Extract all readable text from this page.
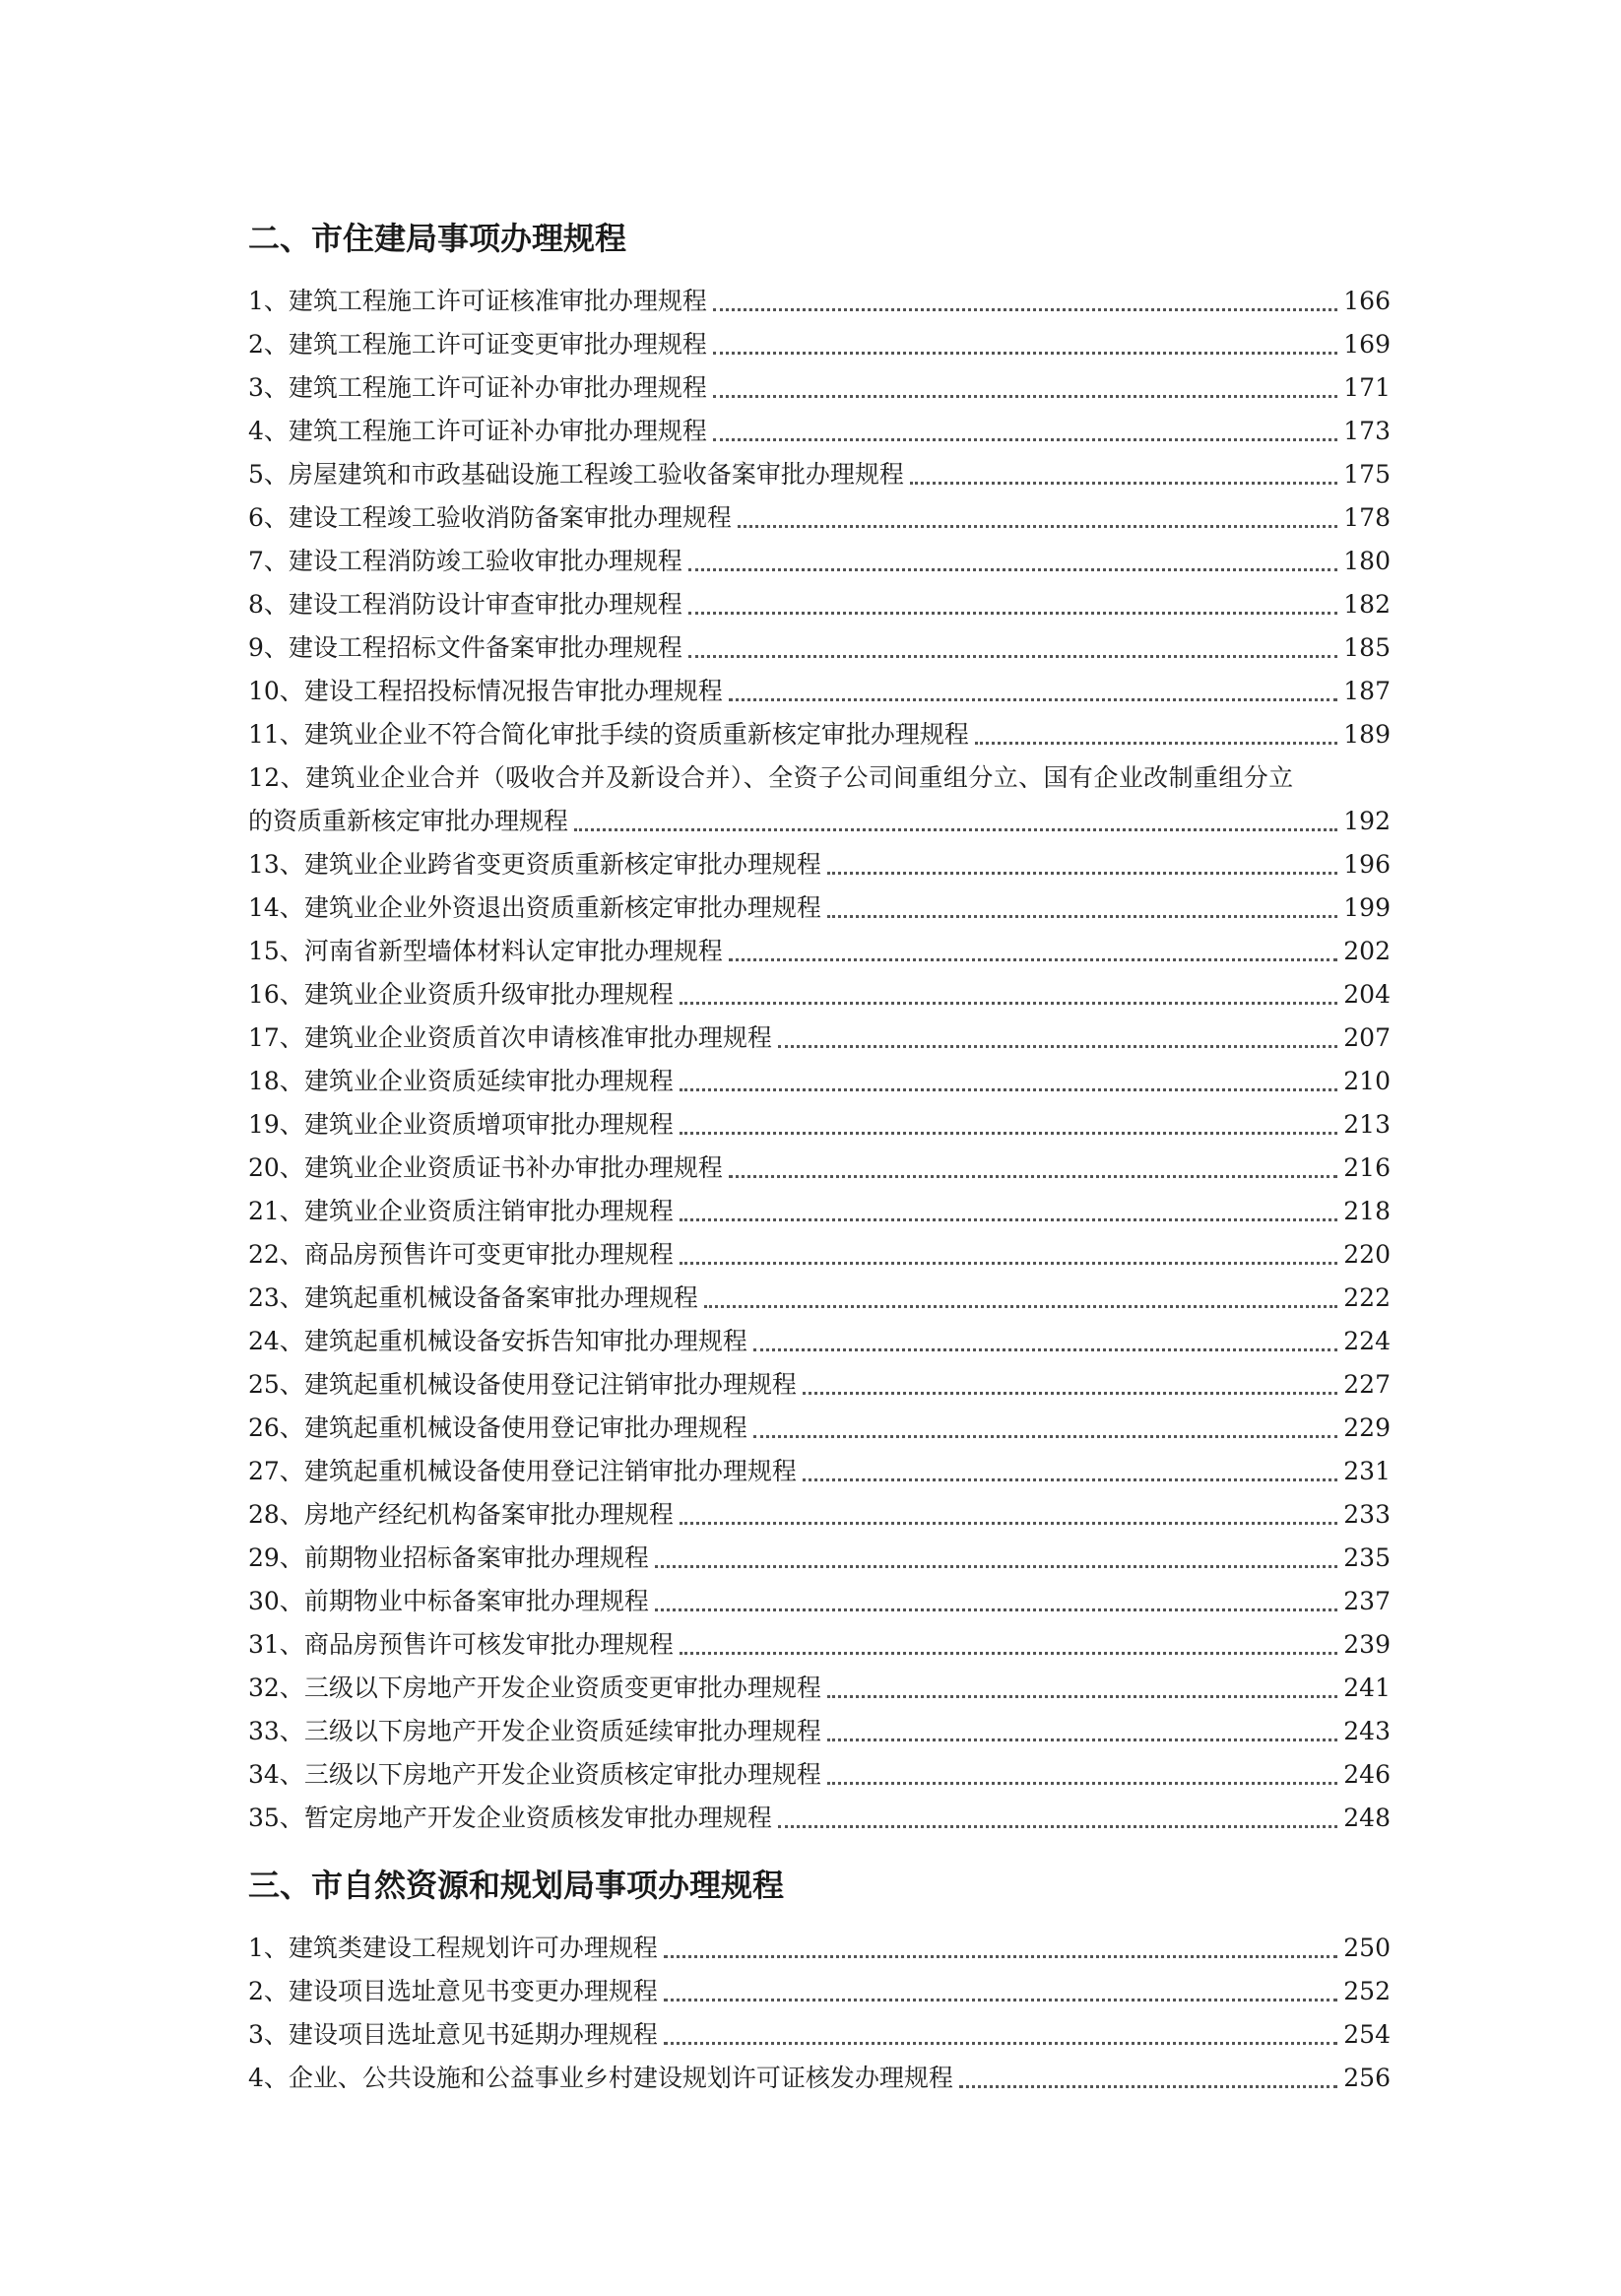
二、市住建局事项办理规程
1、 建筑工程施工许可证核准审批办理规程	166
2、 建筑工程施工许可证变更审批办理规程	169
3、 建筑工程施工许可证补办审批办理规程	171
4、 建筑工程施工许可证补办审批办理规程	173
5、 房屋建筑和市政基础设施工程竣工验收备案审批办理规程	175
6、 建设工程竣工验收消防备案审批办理规程	178
7、 建设工程消防竣工验收审批办理规程	180
8、 建设工程消防设计审查审批办理规程	182
9、 建设工程招标文件备案审批办理规程	185
10、 建设工程招投标情况报告审批办理规程	187
11、 建筑业企业不符合简化审批手续的资质重新核定审批办理规程	189
12、建筑业企业合并（吸收合并及新设合并）、全资子公司间重组分立、国有企业改制重组分立
的资质重新核定审批办理规程	192
13、 建筑业企业跨省变更资质重新核定审批办理规程	196
14、 建筑业企业外资退出资质重新核定审批办理规程	199
15、 河南省新型墙体材料认定审批办理规程	202
16、 建筑业企业资质升级审批办理规程	204
17、 建筑业企业资质首次申请核准审批办理规程	207
18、 建筑业企业资质延续审批办理规程	210
19、 建筑业企业资质增项审批办理规程	213
20、 建筑业企业资质证书补办审批办理规程	216
21、 建筑业企业资质注销审批办理规程	218
22、 商品房预售许可变更审批办理规程	220
23、 建筑起重机械设备备案审批办理规程	222
24、 建筑起重机械设备安拆告知审批办理规程	224
25、 建筑起重机械设备使用登记注销审批办理规程	227
26、 建筑起重机械设备使用登记审批办理规程	229
27、 建筑起重机械设备使用登记注销审批办理规程	231
28、 房地产经纪机构备案审批办理规程	233
29、 前期物业招标备案审批办理规程	235
30、 前期物业中标备案审批办理规程	237
31、 商品房预售许可核发审批办理规程	239
32、 三级以下房地产开发企业资质变更审批办理规程	241
33、 三级以下房地产开发企业资质延续审批办理规程	243
34、 三级以下房地产开发企业资质核定审批办理规程	246
35、 暂定房地产开发企业资质核发审批办理规程	248
三、市自然资源和规划局事项办理规程
1、 建筑类建设工程规划许可办理规程	250
2、 建设项目选址意见书变更办理规程	252
3、 建设项目选址意见书延期办理规程	254
4、 企业、公共设施和公益事业乡村建设规划许可证核发办理规程	256
